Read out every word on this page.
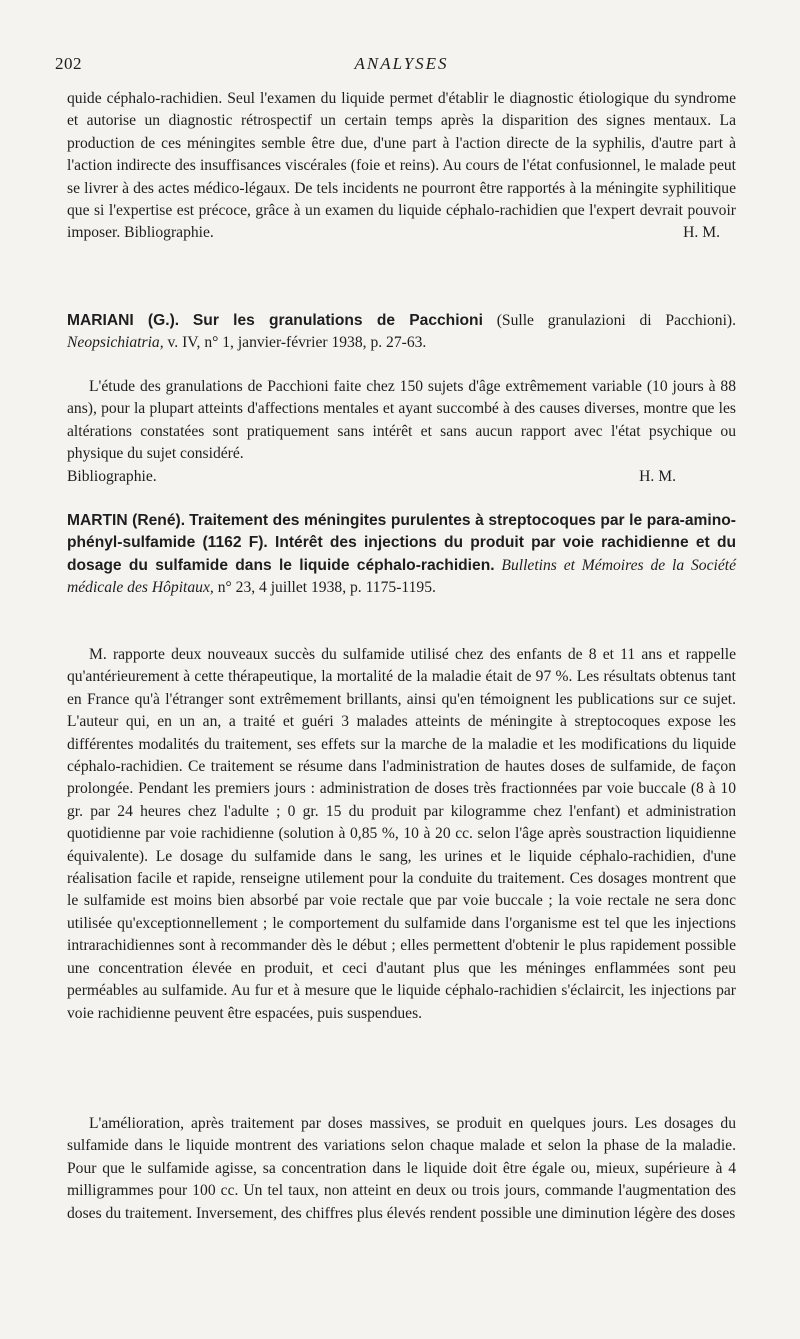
202	ANALYSES

quide céphalo-rachidien. Seul l'examen du liquide permet d'établir le diagnostic étiologique du syndrome et autorise un diagnostic rétrospectif un certain temps après la disparition des signes mentaux. La production de ces méningites semble être due, d'une part à l'action directe de la syphilis, d'autre part à l'action indirecte des insuffisances viscérales (foie et reins). Au cours de l'état confusionnel, le malade peut se livrer à des actes médico-légaux. De tels incidents ne pourront être rapportés à la méningite syphilitique que si l'expertise est précoce, grâce à un examen du liquide céphalo-rachidien que l'expert devrait pouvoir imposer. Bibliographie.	H. M.

MARIANI (G.). Sur les granulations de Pacchioni (Sulle granulazioni di Pacchioni). Neopsichiatria, v. IV, n° 1, janvier-février 1938, p. 27-63.

L'étude des granulations de Pacchioni faite chez 150 sujets d'âge extrêmement variable (10 jours à 88 ans), pour la plupart atteints d'affections mentales et ayant succombé à des causes diverses, montre que les altérations constatées sont pratiquement sans intérêt et sans aucun rapport avec l'état psychique ou physique du sujet considéré.
Bibliographie.	H. M.

MARTIN (René). Traitement des méningites purulentes à streptocoques par le para-amino-phényl-sulfamide (1162 F). Intérêt des injections du produit par voie rachidienne et du dosage du sulfamide dans le liquide céphalo-rachidien. Bulletins et Mémoires de la Société médicale des Hôpitaux, n° 23, 4 juillet 1938, p. 1175-1195.

M. rapporte deux nouveaux succès du sulfamide utilisé chez des enfants de 8 et 11 ans et rappelle qu'antérieurement à cette thérapeutique, la mortalité de la maladie était de 97 %. Les résultats obtenus tant en France qu'à l'étranger sont extrêmement brillants, ainsi qu'en témoignent les publications sur ce sujet. L'auteur qui, en un an, a traité et guéri 3 malades atteints de méningite à streptocoques expose les différentes modalités du traitement, ses effets sur la marche de la maladie et les modifications du liquide céphalo-rachidien. Ce traitement se résume dans l'administration de hautes doses de sulfamide, de façon prolongée. Pendant les premiers jours : administration de doses très fractionnées par voie buccale (8 à 10 gr. par 24 heures chez l'adulte ; 0 gr. 15 du produit par kilogramme chez l'enfant) et administration quotidienne par voie rachidienne (solution à 0,85 %, 10 à 20 cc. selon l'âge après soustraction liquidienne équivalente). Le dosage du sulfamide dans le sang, les urines et le liquide céphalo-rachidien, d'une réalisation facile et rapide, renseigne utilement pour la conduite du traitement. Ces dosages montrent que le sulfamide est moins bien absorbé par voie rectale que par voie buccale ; la voie rectale ne sera donc utilisée qu'exceptionnellement ; le comportement du sulfamide dans l'organisme est tel que les injections intrarachidiennes sont à recommander dès le début ; elles permettent d'obtenir le plus rapidement possible une concentration élevée en produit, et ceci d'autant plus que les méninges enflammées sont peu perméables au sulfamide. Au fur et à mesure que le liquide céphalo-rachidien s'éclaircit, les injections par voie rachidienne peuvent être espacées, puis suspendues.

L'amélioration, après traitement par doses massives, se produit en quelques jours. Les dosages du sulfamide dans le liquide montrent des variations selon chaque malade et selon la phase de la maladie. Pour que le sulfamide agisse, sa concentration dans le liquide doit être égale ou, mieux, supérieure à 4 milligrammes pour 100 cc. Un tel taux, non atteint en deux ou trois jours, commande l'augmentation des doses du traitement. Inversement, des chiffres plus élevés rendent possible une diminution légère des doses
